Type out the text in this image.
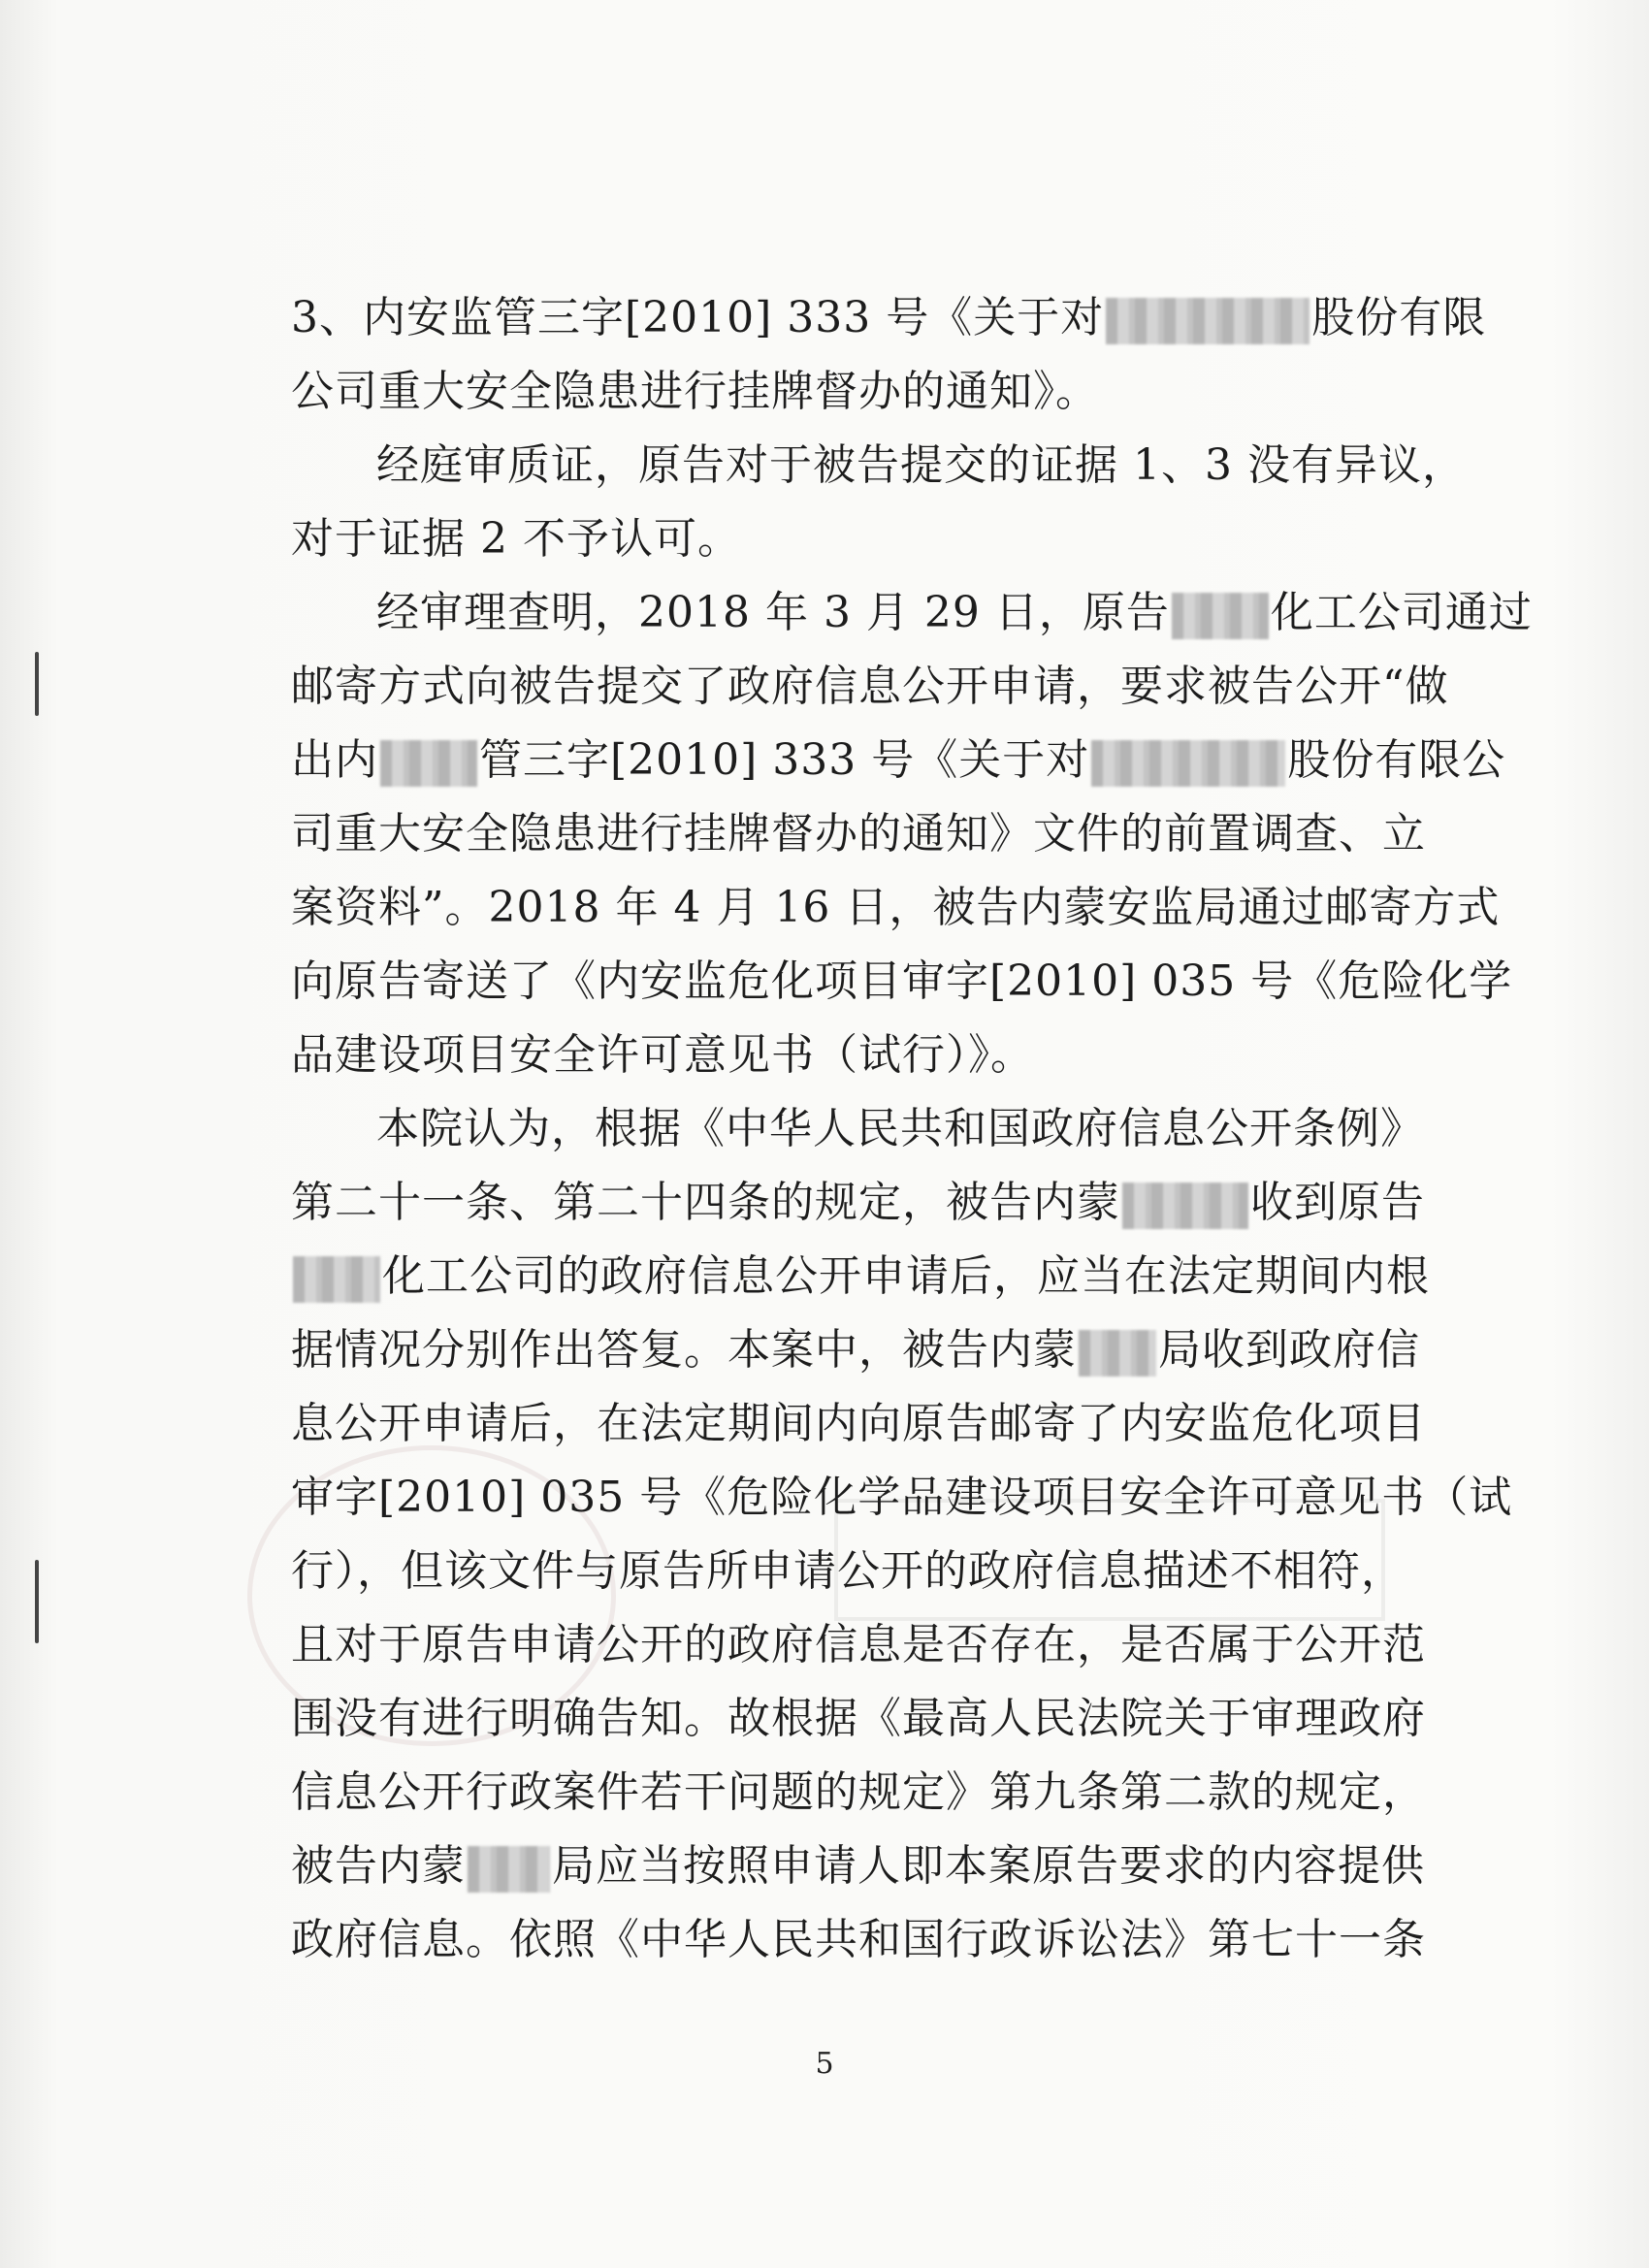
3、内安监管三字[2010] 333 号《关于对	股份有限
公司重大安全隐患进行挂牌督办的通知》。
经庭审质证，原告对于被告提交的证据 1、3 没有异议，
对于证据 2 不予认可。
经审理查明，2018 年 3 月 29 日，原告 化工公司通过
邮寄方式向被告提交了政府信息公开申请，要求被告公开“做
出内 管三字[2010] 333 号《关于对	股份有限公
司重大安全隐患进行挂牌督办的通知》文件的前置调查、立
案资料”。2018 年 4 月 16 日，被告内蒙安监局通过邮寄方式
向原告寄送了《内安监危化项目审字[2010] 035 号《危险化学
品建设项目安全许可意见书（试行）》。
本院认为，根据《中华人民共和国政府信息公开条例》
第二十一条、第二十四条的规定，被告内蒙	收到原告
化工公司的政府信息公开申请后，应当在法定期间内根
据情况分别作出答复。本案中，被告内蒙 局收到政府信
息公开申请后，在法定期间内向原告邮寄了内安监危化项目
审字[2010] 035 号《危险化学品建设项目安全许可意见书（试
行），但该文件与原告所申请公开的政府信息描述不相符，
且对于原告申请公开的政府信息是否存在，是否属于公开范
围没有进行明确告知。故根据《最高人民法院关于审理政府
信息公开行政案件若干问题的规定》第九条第二款的规定，
被告内蒙 局应当按照申请人即本案原告要求的内容提供
政府信息。依照《中华人民共和国行政诉讼法》第七十一条
5
